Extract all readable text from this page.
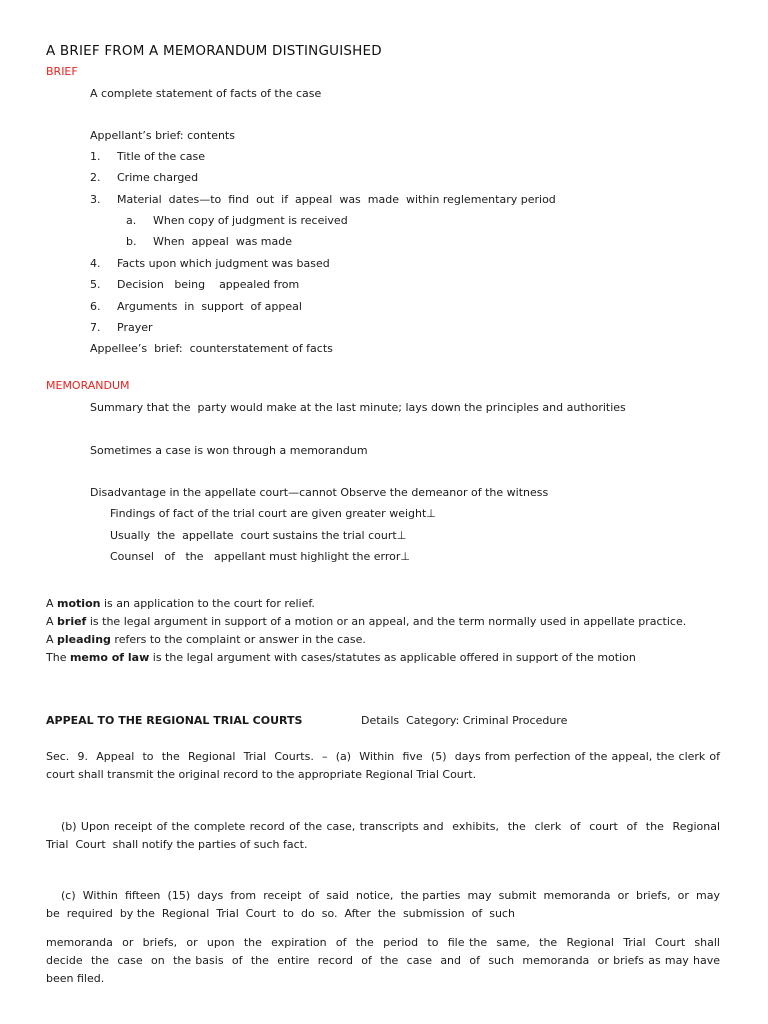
A BRIEF FROM A MEMORANDUM DISTINGUISHED
BRIEF
A complete statement of facts of the case
Appellant’s brief: contents
1. Title of the case
2. Crime charged
3. Material  dates—to  find  out  if  appeal  was  made  within reglementary period
a. When copy of judgment is received
b. When  appeal  was made
4. Facts upon which judgment was based
5. Decision   being    appealed from
6. Arguments  in  support  of appeal
7. Prayer
Appellee’s  brief:  counterstatement of facts
MEMORANDUM
Summary that the  party would make at the last minute; lays down the principles and authorities
Sometimes a case is won through a memorandum
Disadvantage in the appellate court—cannot Observe the demeanor of the witness
Findings of fact of the trial court are given greater weight⊥
Usually  the  appellate  court sustains the trial court⊥
Counsel   of   the   appellant must highlight the error⊥
A motion is an application to the court for relief.
A brief is the legal argument in support of a motion or an appeal, and the term normally used in appellate practice.
A pleading refers to the complaint or answer in the case.
The memo of law is the legal argument with cases/statutes as applicable offered in support of the motion
APPEAL TO THE REGIONAL TRIAL COURTS	Details  Category: Criminal Procedure
Sec.  9.  Appeal  to  the  Regional  Trial  Courts.  –  (a)  Within  five  (5)  days from perfection of the appeal, the clerk of court shall transmit the original record to the appropriate Regional Trial Court.
(b) Upon receipt of the complete record of the case, transcripts and  exhibits,  the  clerk  of  court  of  the  Regional  Trial  Court  shall notify the parties of such fact.
(c)  Within  fifteen  (15)  days  from  receipt  of  said  notice,  the parties  may  submit  memoranda  or  briefs,  or  may  be  required  by the  Regional  Trial  Court  to  do  so.  After  the  submission  of  such
memoranda  or  briefs,  or  upon  the  expiration  of  the  period  to  file the  same,  the  Regional  Trial  Court  shall  decide  the  case  on  the basis  of  the  entire  record  of  the  case  and  of  such  memoranda  or briefs as may have been filed.
